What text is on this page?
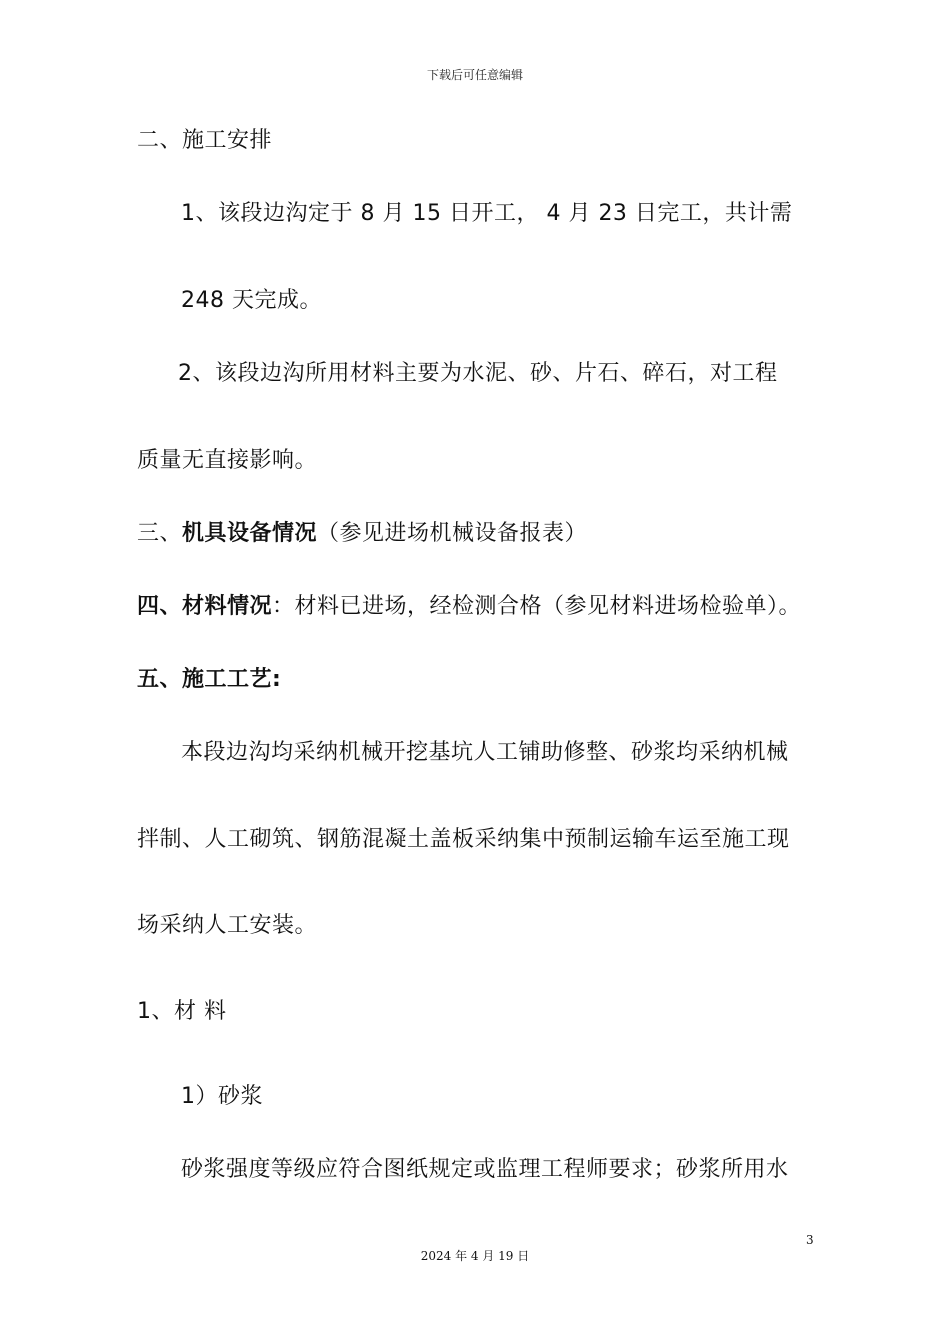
下载后可任意编辑
二、施工安排
1、该段边沟定于 8 月 15 日开工， 4 月 23 日完工，共计需
248 天完成。
2、该段边沟所用材料主要为水泥、砂、片石、碎石，对工程
质量无直接影响。
三、机具设备情况（参见进场机械设备报表）
四、材料情况：材料已进场，经检测合格（参见材料进场检验单）。
五、施工工艺:
本段边沟均采纳机械开挖基坑人工铺助修整、砂浆均采纳机械
拌制、人工砌筑、钢筋混凝土盖板采纳集中预制运输车运至施工现
场采纳人工安装。
1、材 料
1）砂浆
砂浆强度等级应符合图纸规定或监理工程师要求；砂浆所用水
3
2024 年 4 月 19 日
